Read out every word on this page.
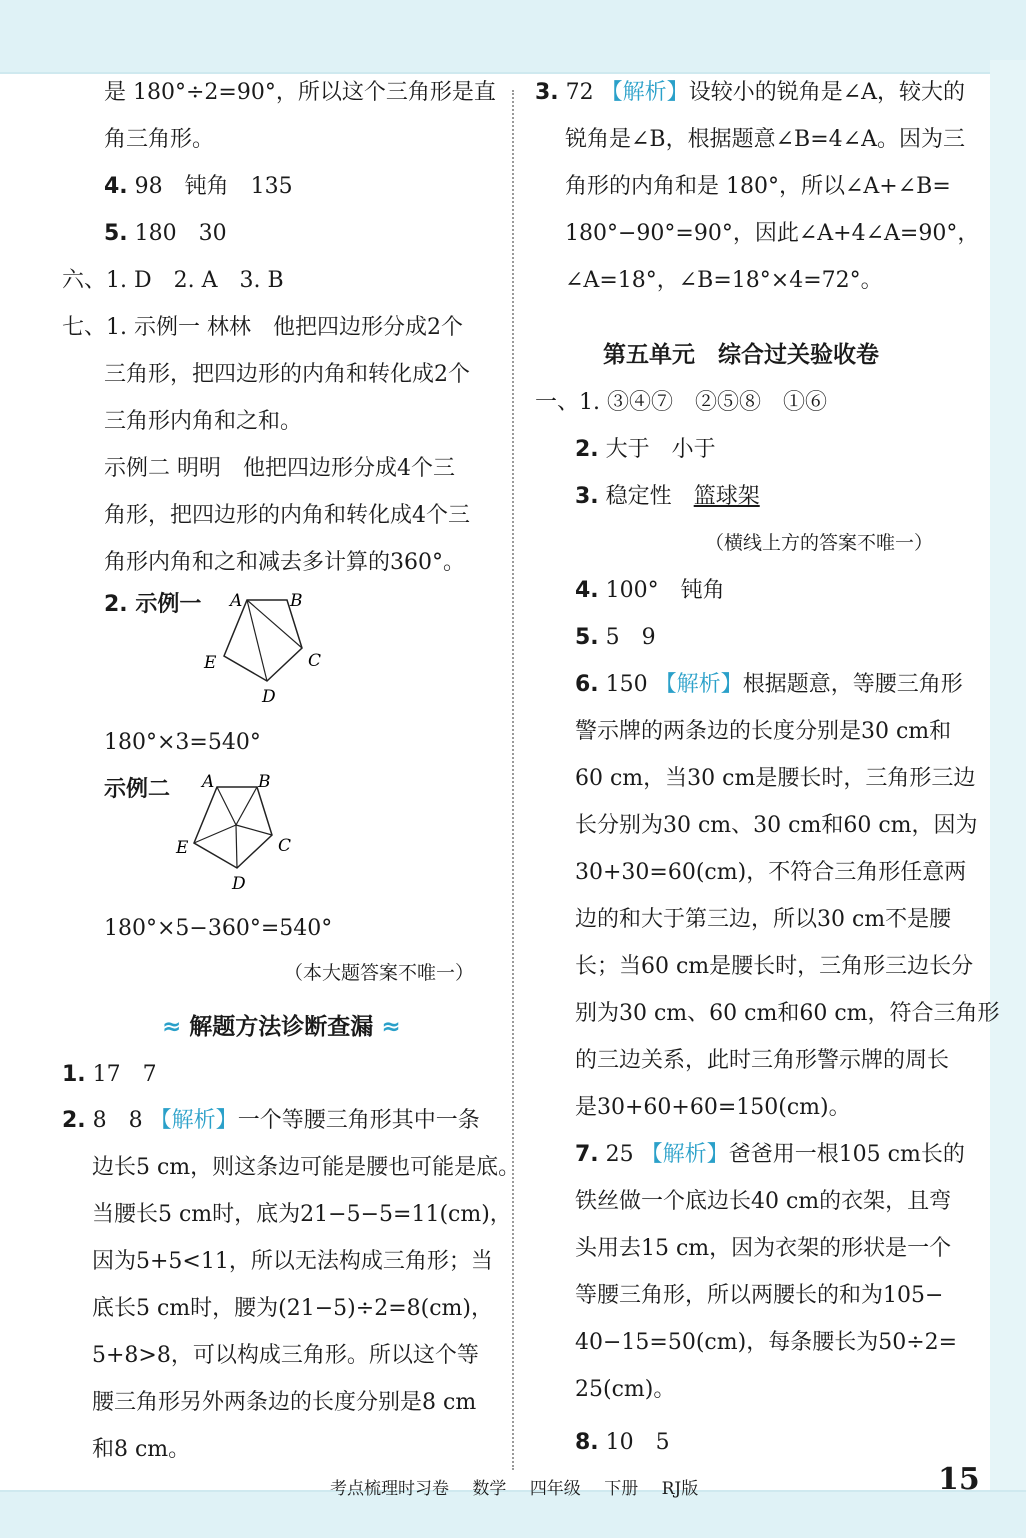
是 180°÷2=90°，所以这个三角形是直
角三角形。
4. 98　钝角　135
5. 180　30
六、1. D　2. A　3. B
七、1. 示例一 林林　他把四边形分成2个
三角形，把四边形的内角和转化成2个
三角形内角和之和。
示例二 明明　他把四边形分成4个三
角形，把四边形的内角和转化成4个三
角形内角和之和减去多计算的360°。
2. 示例一 A	B
C
D
E
180°×3=540°
示例二 A	B
C
D
E
180°×5−360°=540°
（本大题答案不唯一）
≈ 解题方法诊断查漏 ≈
1. 17　7
2. 8　8 【解析】一个等腰三角形其中一条
边长5 cm，则这条边可能是腰也可能是底。
当腰长5 cm时，底为21−5−5=11(cm)，
因为5+5<11，所以无法构成三角形；当
底长5 cm时，腰为(21−5)÷2=8(cm)，
5+8>8，可以构成三角形。所以这个等
腰三角形另外两条边的长度分别是8 cm
和8 cm。
3. 72 【解析】设较小的锐角是∠A，较大的
锐角是∠B，根据题意∠B=4∠A。因为三
角形的内角和是 180°，所以∠A+∠B=
180°−90°=90°，因此∠A+4∠A=90°，
∠A=18°，∠B=18°×4=72°。
第五单元　综合过关验收卷
一、1. ③④⑦　②⑤⑧　①⑥
2. 大于　小于
3. 稳定性　 篮球架
（横线上方的答案不唯一）
4. 100°　钝角
5. 5　9
6. 150 【解析】根据题意，等腰三角形
警示牌的两条边的长度分别是30 cm和
60 cm，当30 cm是腰长时，三角形三边
长分别为30 cm、30 cm和60 cm，因为
30+30=60(cm)，不符合三角形任意两
边的和大于第三边，所以30 cm不是腰
长；当60 cm是腰长时，三角形三边长分
别为30 cm、60 cm和60 cm，符合三角形
的三边关系，此时三角形警示牌的周长
是30+60+60=150(cm)。
7. 25 【解析】爸爸用一根105 cm长的
铁丝做一个底边长40 cm的衣架，且弯
头用去15 cm，因为衣架的形状是一个
等腰三角形，所以两腰长的和为105−
40−15=50(cm)，每条腰长为50÷2=
25(cm)。
8. 10　5
考点梳理时习卷 数学 四年级 下册 RJ版	15
